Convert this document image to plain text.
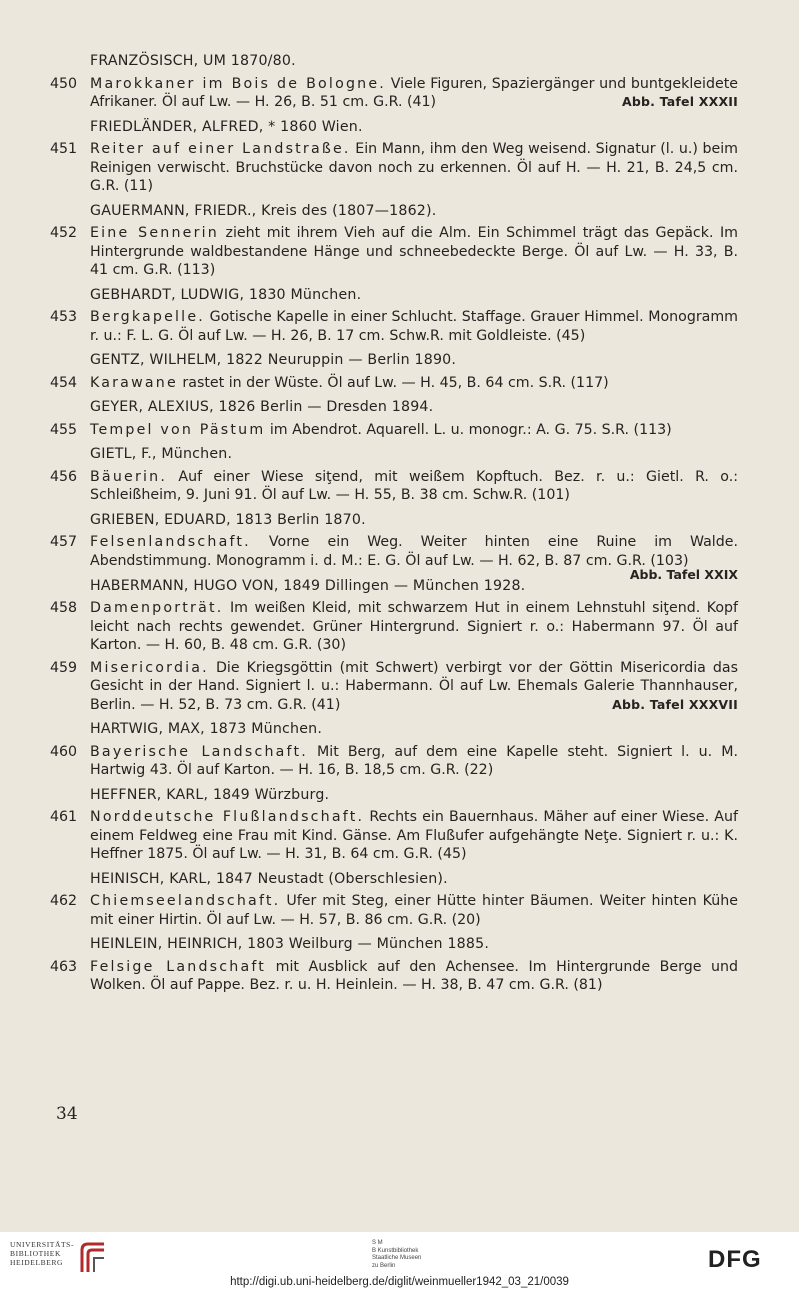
FRANZÖSISCH, UM 1870/80.
450 Marokkaner im Bois de Bologne. Viele Figuren, Spaziergänger und buntgekleidete Afrikaner. Öl auf Lw. — H. 26, B. 51 cm. G.R. (41)	Abb. Tafel XXXII
FRIEDLÄNDER, ALFRED, * 1860 Wien.
451 Reiter auf einer Landstraße. Ein Mann, ihm den Weg weisend. Signatur (l. u.) beim Reinigen verwischt. Bruchstücke davon noch zu erkennen. Öl auf H. — H. 21, B. 24,5 cm. G.R. (11)
GAUERMANN, FRIEDR., Kreis des (1807—1862).
452 Eine Sennerin zieht mit ihrem Vieh auf die Alm. Ein Schimmel trägt das Gepäck. Im Hintergrunde waldbestandene Hänge und schneebedeckte Berge. Öl auf Lw. — H. 33, B. 41 cm. G.R. (113)
GEBHARDT, LUDWIG, 1830 München.
453 Bergkapelle. Gotische Kapelle in einer Schlucht. Staffage. Grauer Himmel. Monogramm r. u.: F. L. G. Öl auf Lw. — H. 26, B. 17 cm. Schw.R. mit Goldleiste. (45)
GENTZ, WILHELM, 1822 Neuruppin — Berlin 1890.
454 Karawane rastet in der Wüste. Öl auf Lw. — H. 45, B. 64 cm. S.R. (117)
GEYER, ALEXIUS, 1826 Berlin — Dresden 1894.
455 Tempel von Pästum im Abendrot. Aquarell. L. u. monogr.: A. G. 75. S.R. (113)
GIETL, F., München.
456 Bäuerin. Auf einer Wiese siţend, mit weißem Kopftuch. Bez. r. u.: Gietl. R. o.: Schleißheim, 9. Juni 91. Öl auf Lw. — H. 55, B. 38 cm. Schw.R. (101)
GRIEBEN, EDUARD, 1813 Berlin 1870.
457 Felsenlandschaft. Vorne ein Weg. Weiter hinten eine Ruine im Walde. Abendstimmung. Monogramm i. d. M.: E. G. Öl auf Lw. — H. 62, B. 87 cm. G.R. (103)
Abb. Tafel XXIX
HABERMANN, HUGO VON, 1849 Dillingen — München 1928.
458 Damenporträt. Im weißen Kleid, mit schwarzem Hut in einem Lehnstuhl siţend. Kopf leicht nach rechts gewendet. Grüner Hintergrund. Signiert r. o.: Habermann 97. Öl auf Karton. — H. 60, B. 48 cm. G.R. (30)
459 Misericordia. Die Kriegsgöttin (mit Schwert) verbirgt vor der Göttin Misericordia das Gesicht in der Hand. Signiert l. u.: Habermann. Öl auf Lw. Ehemals Galerie Thannhauser, Berlin. — H. 52, B. 73 cm. G.R. (41)	Abb. Tafel XXXVII
HARTWIG, MAX, 1873 München.
460 Bayerische Landschaft. Mit Berg, auf dem eine Kapelle steht. Signiert l. u. M. Hartwig 43. Öl auf Karton. — H. 16, B. 18,5 cm. G.R. (22)
HEFFNER, KARL, 1849 Würzburg.
461 Norddeutsche Flußlandschaft. Rechts ein Bauernhaus. Mäher auf einer Wiese. Auf einem Feldweg eine Frau mit Kind. Gänse. Am Flußufer aufgehängte Neţe. Signiert r. u.: K. Heffner 1875. Öl auf Lw. — H. 31, B. 64 cm. G.R. (45)
HEINISCH, KARL, 1847 Neustadt (Oberschlesien).
462 Chiemseelandschaft. Ufer mit Steg, einer Hütte hinter Bäumen. Weiter hinten Kühe mit einer Hirtin. Öl auf Lw. — H. 57, B. 86 cm. G.R. (20)
HEINLEIN, HEINRICH, 1803 Weilburg — München 1885.
463 Felsige Landschaft mit Ausblick auf den Achensee. Im Hintergrunde Berge und Wolken. Öl auf Pappe. Bez. r. u. H. Heinlein. — H. 38, B. 47 cm. G.R. (81)
34
UNIVERSITÄTS-
BIBLIOTHEK
HEIDELBERG
S M
B Kunstbibliothek
Staatliche Museen
zu Berlin	DFG
http://digi.ub.uni-heidelberg.de/diglit/weinmueller1942_03_21/0039
